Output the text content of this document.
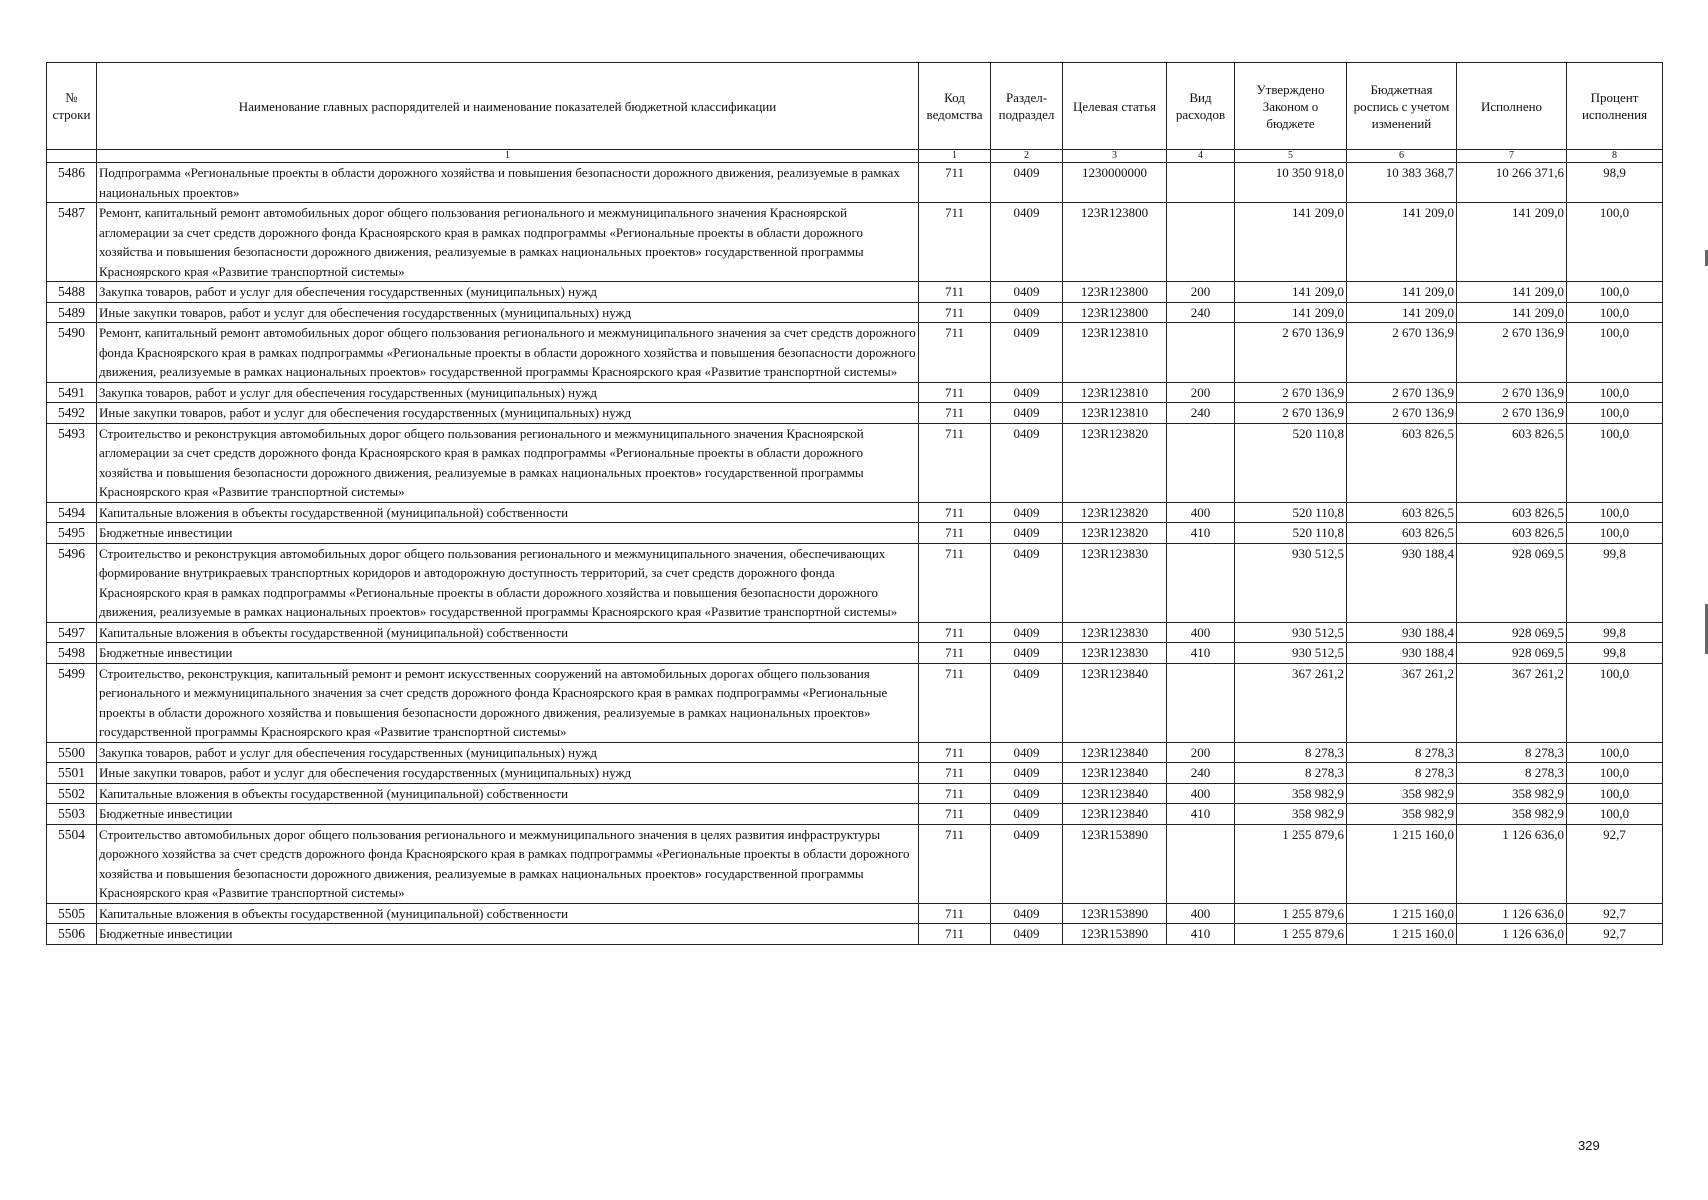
№ строки	Наименование главных распорядителей и наименование показателей бюджетной классификации	Код ведомства	Раздел-подраздел	Целевая статья	Вид расходов	Утверждено Законом о бюджете	Бюджетная роспись с учетом изменений	Исполнено	Процент исполнения
	1	1	2	3	4	5	6	7	8
5486	Подпрограмма «Региональные проекты в области дорожного хозяйства и повышения безопасности дорожного движения, реализуемые в рамках национальных проектов»	711	0409	1230000000		10 350 918,0	10 383 368,7	10 266 371,6	98,9
5487	Ремонт, капитальный ремонт автомобильных дорог общего пользования регионального и межмуниципального значения Красноярской агломерации за счет средств дорожного фонда Красноярского края в рамках подпрограммы «Региональные проекты в области дорожного хозяйства и повышения безопасности дорожного движения, реализуемые в рамках национальных проектов» государственной программы Красноярского края «Развитие транспортной системы»	711	0409	123R123800		141 209,0	141 209,0	141 209,0	100,0
5488	Закупка товаров, работ и услуг для обеспечения государственных (муниципальных) нужд	711	0409	123R123800	200	141 209,0	141 209,0	141 209,0	100,0
5489	Иные закупки товаров, работ и услуг для обеспечения государственных (муниципальных) нужд	711	0409	123R123800	240	141 209,0	141 209,0	141 209,0	100,0
5490	Ремонт, капитальный ремонт автомобильных дорог общего пользования регионального и межмуниципального значения за счет средств дорожного фонда Красноярского края в рамках подпрограммы «Региональные проекты в области дорожного хозяйства и повышения безопасности дорожного движения, реализуемые в рамках национальных проектов» государственной программы Красноярского края «Развитие транспортной системы»	711	0409	123R123810		2 670 136,9	2 670 136,9	2 670 136,9	100,0
5491	Закупка товаров, работ и услуг для обеспечения государственных (муниципальных) нужд	711	0409	123R123810	200	2 670 136,9	2 670 136,9	2 670 136,9	100,0
5492	Иные закупки товаров, работ и услуг для обеспечения государственных (муниципальных) нужд	711	0409	123R123810	240	2 670 136,9	2 670 136,9	2 670 136,9	100,0
5493	Строительство и реконструкция автомобильных дорог общего пользования регионального и межмуниципального значения Красноярской агломерации за счет средств дорожного фонда Красноярского края в рамках подпрограммы «Региональные проекты в области дорожного хозяйства и повышения безопасности дорожного движения, реализуемые в рамках национальных проектов» государственной программы Красноярского края «Развитие транспортной системы»	711	0409	123R123820		520 110,8	603 826,5	603 826,5	100,0
5494	Капитальные вложения в объекты государственной (муниципальной) собственности	711	0409	123R123820	400	520 110,8	603 826,5	603 826,5	100,0
5495	Бюджетные инвестиции	711	0409	123R123820	410	520 110,8	603 826,5	603 826,5	100,0
5496	Строительство и реконструкция автомобильных дорог общего пользования регионального и межмуниципального значения, обеспечивающих формирование внутрикраевых транспортных коридоров и автодорожную доступность территорий, за счет средств дорожного фонда Красноярского края в рамках подпрограммы «Региональные проекты в области дорожного хозяйства и повышения безопасности дорожного движения, реализуемые в рамках национальных проектов» государственной программы Красноярского края «Развитие транспортной системы»	711	0409	123R123830		930 512,5	930 188,4	928 069,5	99,8
5497	Капитальные вложения в объекты государственной (муниципальной) собственности	711	0409	123R123830	400	930 512,5	930 188,4	928 069,5	99,8
5498	Бюджетные инвестиции	711	0409	123R123830	410	930 512,5	930 188,4	928 069,5	99,8
5499	Строительство, реконструкция, капитальный ремонт и ремонт искусственных сооружений на автомобильных дорогах общего пользования регионального и межмуниципального значения за счет средств дорожного фонда Красноярского края в рамках подпрограммы «Региональные проекты в области дорожного хозяйства и повышения безопасности дорожного движения, реализуемые в рамках национальных проектов» государственной программы Красноярского края «Развитие транспортной системы»	711	0409	123R123840		367 261,2	367 261,2	367 261,2	100,0
5500	Закупка товаров, работ и услуг для обеспечения государственных (муниципальных) нужд	711	0409	123R123840	200	8 278,3	8 278,3	8 278,3	100,0
5501	Иные закупки товаров, работ и услуг для обеспечения государственных (муниципальных) нужд	711	0409	123R123840	240	8 278,3	8 278,3	8 278,3	100,0
5502	Капитальные вложения в объекты государственной (муниципальной) собственности	711	0409	123R123840	400	358 982,9	358 982,9	358 982,9	100,0
5503	Бюджетные инвестиции	711	0409	123R123840	410	358 982,9	358 982,9	358 982,9	100,0
5504	Строительство автомобильных дорог общего пользования регионального и межмуниципального значения в целях развития инфраструктуры дорожного хозяйства за счет средств дорожного фонда Красноярского края в рамках подпрограммы «Региональные проекты в области дорожного хозяйства и повышения безопасности дорожного движения, реализуемые в рамках национальных проектов» государственной программы Красноярского края «Развитие транспортной системы»	711	0409	123R153890		1 255 879,6	1 215 160,0	1 126 636,0	92,7
5505	Капитальные вложения в объекты государственной (муниципальной) собственности	711	0409	123R153890	400	1 255 879,6	1 215 160,0	1 126 636,0	92,7
5506	Бюджетные инвестиции	711	0409	123R153890	410	1 255 879,6	1 215 160,0	1 126 636,0	92,7
329
